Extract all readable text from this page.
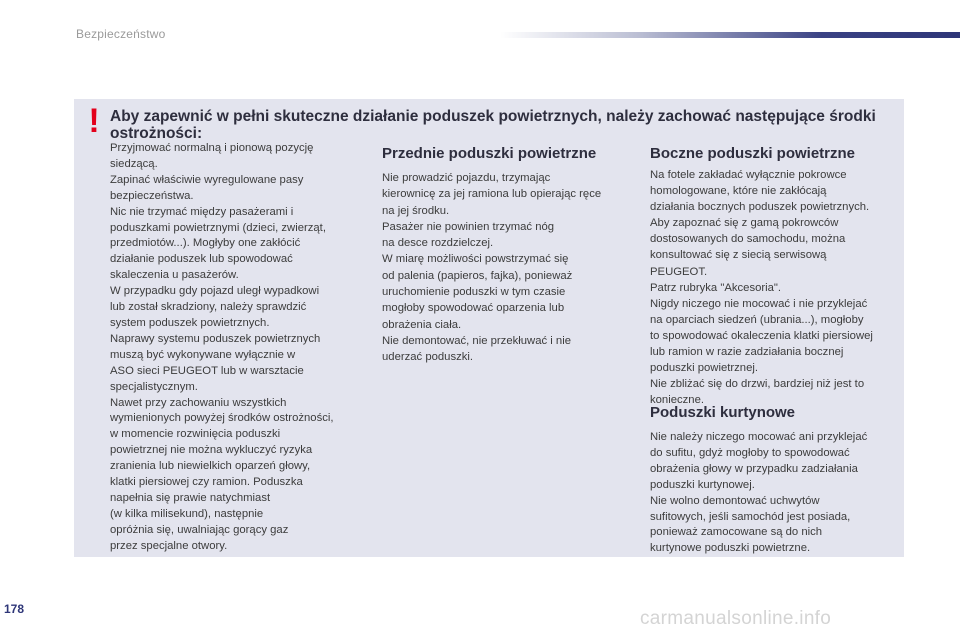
Bezpieczeństwo
! Aby zapewnić w pełni skuteczne działanie poduszek powietrznych, należy zachować następujące środki ostrożności:
Przyjmować normalną i pionową pozycję
siedzącą.
Zapinać właściwie wyregulowane pasy
bezpieczeństwa.
Nic nie trzymać między pasażerami i
poduszkami powietrznymi (dzieci, zwierząt,
przedmiotów...). Mogłyby one zakłócić
działanie poduszek lub spowodować
skaleczenia u pasażerów.
W przypadku gdy pojazd uległ wypadkowi
lub został skradziony, należy sprawdzić
system poduszek powietrznych.
Naprawy systemu poduszek powietrznych
muszą być wykonywane wyłącznie w
ASO sieci PEUGEOT lub w warsztacie
specjalistycznym.
Nawet przy zachowaniu wszystkich
wymienionych powyżej środków ostrożności,
w momencie rozwinięcia poduszki
powietrznej nie można wykluczyć ryzyka
zranienia lub niewielkich oparzeń głowy,
klatki piersiowej czy ramion. Poduszka
napełnia się prawie natychmiast
(w kilka milisekund), następnie
opróżnia się, uwalniając gorący gaz
przez specjalne otwory.
Przednie poduszki powietrzne
Nie prowadzić pojazdu, trzymając
kierownicę za jej ramiona lub opierając ręce
na jej środku.
Pasażer nie powinien trzymać nóg
na desce rozdzielczej.
W miarę możliwości powstrzymać się
od palenia (papieros, fajka), ponieważ
uruchomienie poduszki w tym czasie
mogłoby spowodować oparzenia lub
obrażenia ciała.
Nie demontować, nie przekłuwać i nie
uderzać poduszki.
Boczne poduszki powietrzne
Na fotele zakładać wyłącznie pokrowce
homologowane, które nie zakłócają
działania bocznych poduszek powietrznych.
Aby zapoznać się z gamą pokrowców
dostosowanych do samochodu, można
konsultować się z siecią serwisową
PEUGEOT.
Patrz rubryka "Akcesoria".
Nigdy niczego nie mocować i nie przyklejać
na oparciach siedzeń (ubrania...), mogłoby
to spowodować okaleczenia klatki piersiowej
lub ramion w razie zadziałania bocznej
poduszki powietrznej.
Nie zbliżać się do drzwi, bardziej niż jest to
konieczne.
Poduszki kurtynowe
Nie należy niczego mocować ani przyklejać
do sufitu, gdyż mogłoby to spowodować
obrażenia głowy w przypadku zadziałania
poduszki kurtynowej.
Nie wolno demontować uchwytów
sufitowych, jeśli samochód jest posiada,
ponieważ zamocowane są do nich
kurtynowe poduszki powietrzne.
178	carmanualsonline.info
